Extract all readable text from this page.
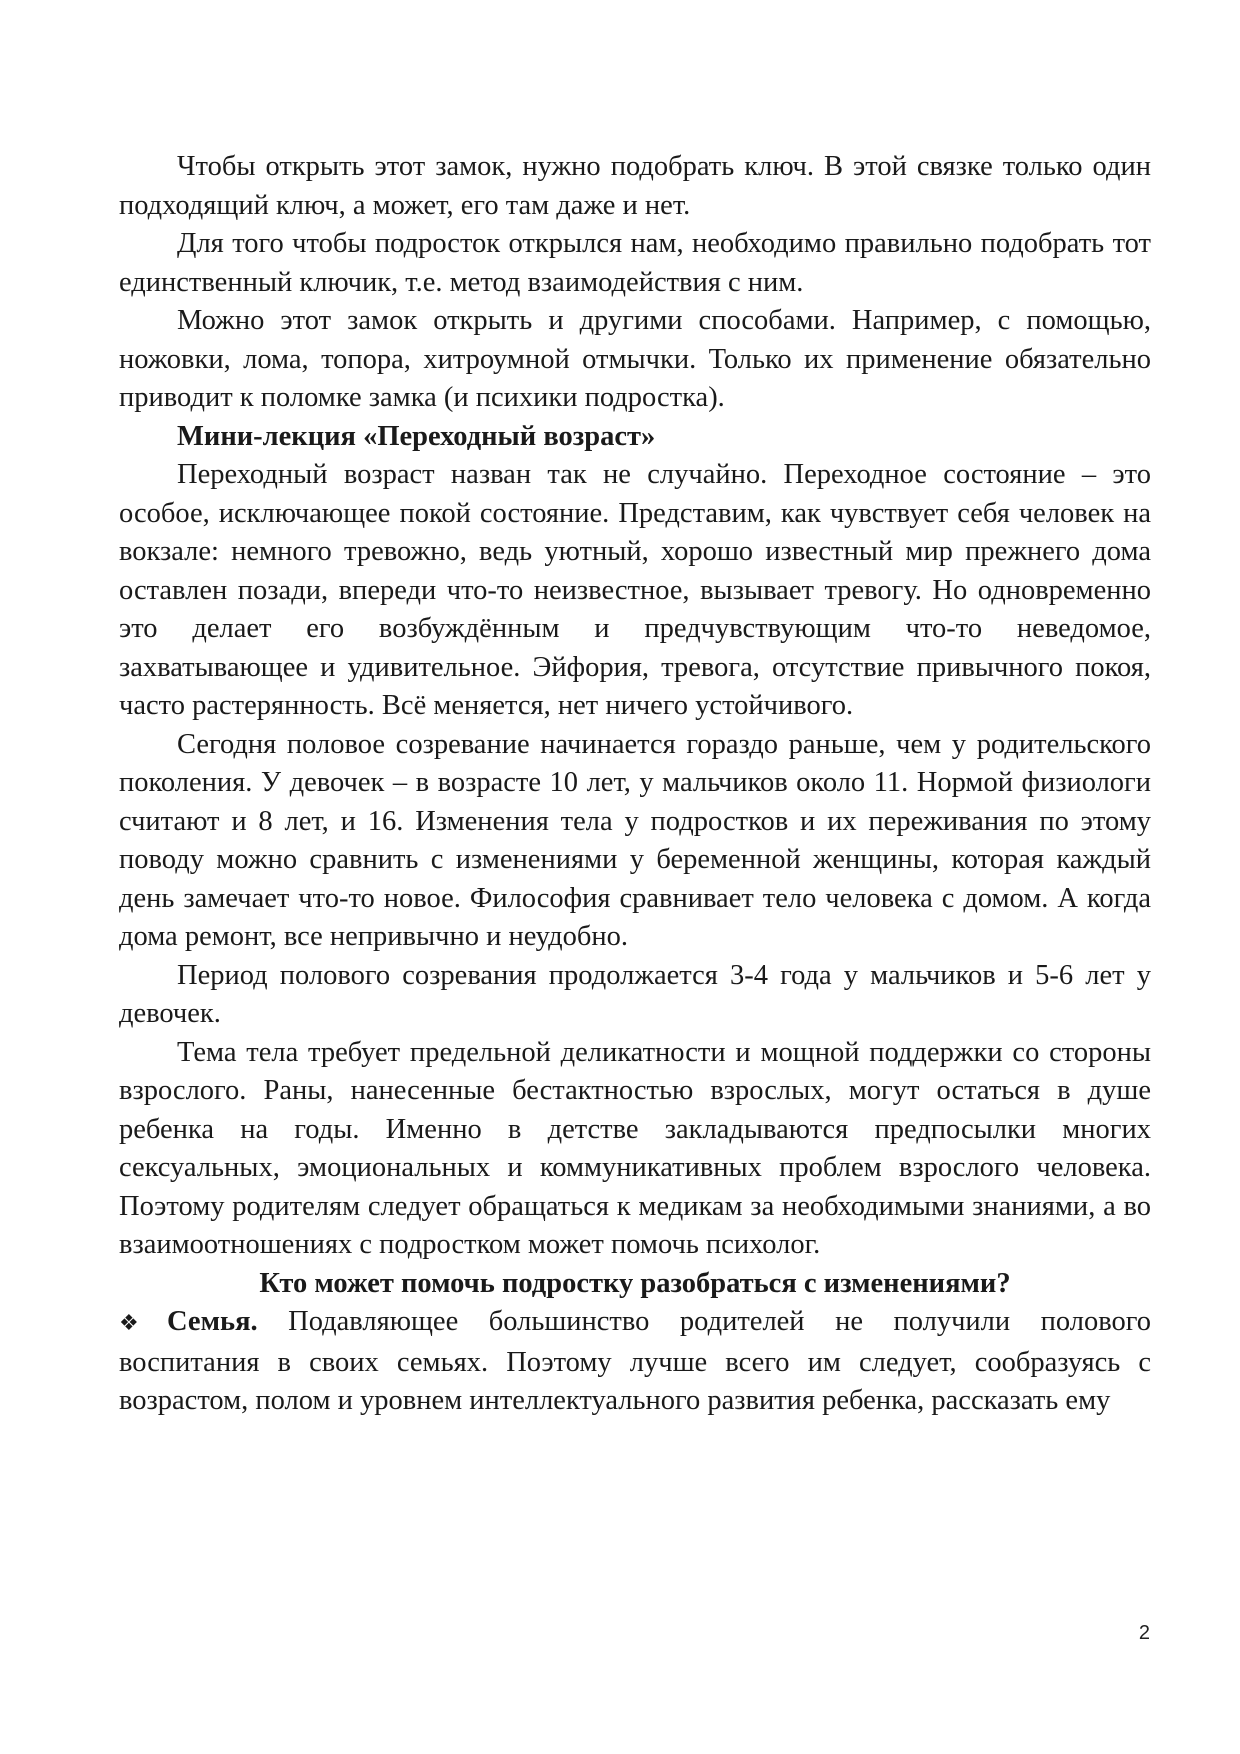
Чтобы открыть этот замок, нужно подобрать ключ. В этой связке только один подходящий ключ, а может, его там даже и нет.

Для того чтобы подросток открылся нам, необходимо правильно подобрать тот единственный ключик, т.е. метод взаимодействия с ним.

Можно этот замок открыть и другими способами. Например, с помощью, ножовки, лома, топора, хитроумной отмычки. Только их применение обязательно приводит к поломке замка (и психики подростка).

Мини-лекция «Переходный возраст»

Переходный возраст назван так не случайно. Переходное состояние – это особое, исключающее покой состояние. Представим, как чувствует себя человек на вокзале: немного тревожно, ведь уютный, хорошо известный мир прежнего дома оставлен позади, впереди что-то неизвестное, вызывает тревогу. Но одновременно это делает его возбуждённым и предчувствующим что-то неведомое, захватывающее и удивительное. Эйфория, тревога, отсутствие привычного покоя, часто растерянность. Всё меняется, нет ничего устойчивого.

Сегодня половое созревание начинается гораздо раньше, чем у родительского поколения. У девочек – в возрасте 10 лет, у мальчиков около 11. Нормой физиологи считают и 8 лет, и 16. Изменения тела у подростков и их переживания по этому поводу можно сравнить с изменениями у беременной женщины, которая каждый день замечает что-то новое. Философия сравнивает тело человека с домом. А когда дома ремонт, все непривычно и неудобно.

Период полового созревания продолжается 3-4 года у мальчиков и 5-6 лет у девочек.

Тема тела требует предельной деликатности и мощной поддержки со стороны взрослого. Раны, нанесенные бестактностью взрослых, могут остаться в душе ребенка на годы. Именно в детстве закладываются предпосылки многих сексуальных, эмоциональных и коммуникативных проблем взрослого человека. Поэтому родителям следует обращаться к медикам за необходимыми знаниями, а во взаимоотношениях с подростком может помочь психолог.

Кто может помочь подростку разобраться с изменениями?

❖ Семья. Подавляющее большинство родителей не получили полового воспитания в своих семьях. Поэтому лучше всего им следует, сообразуясь с возрастом, полом и уровнем интеллектуального развития ребенка, рассказать ему

2
